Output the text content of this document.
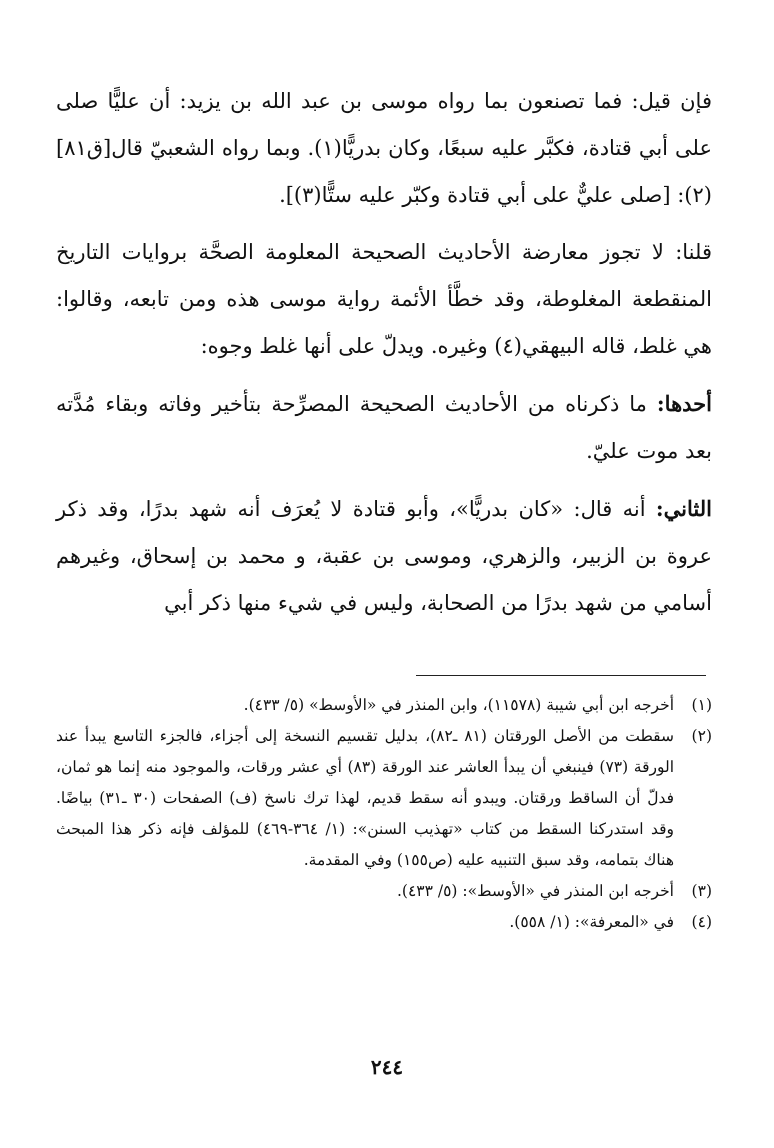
فإن قيل: فما تصنعون بما رواه موسى بن عبد الله بن يزيد: أن عليًّا صلى على أبي قتادة، فكبَّر عليه سبعًا، وكان بدريًّا(١). وبما رواه الشعبيّ قال[ق٨١](٢): [صلى عليٌّ على أبي قتادة وكبّر عليه ستًّا(٣)].

قلنا: لا تجوز معارضة الأحاديث الصحيحة المعلومة الصحَّة بروايات التاريخ المنقطعة المغلوطة، وقد خطَّأ الأئمة رواية موسى هذه ومن تابعه، وقالوا: هي غلط، قاله البيهقي(٤) وغيره. ويدلّ على أنها غلط وجوه:

أحدها: ما ذكرناه من الأحاديث الصحيحة المصرِّحة بتأخير وفاته وبقاء مُدَّته بعد موت عليّ.

الثاني: أنه قال: «كان بدريًّا»، وأبو قتادة لا يُعرَف أنه شهد بدرًا، وقد ذكر عروة بن الزبير، والزهري، وموسى بن عقبة، و محمد بن إسحاق، وغيرهم أسامي من شهد بدرًا من الصحابة، وليس في شيء منها ذكر أبي

(١)
أخرجه ابن أبي شيبة (١١٥٧٨)، وابن المنذر في «الأوسط» (٥/ ٤٣٣).
(٢)
سقطت من الأصل الورقتان (٨١ ـ٨٢)، بدليل تقسيم النسخة إلى أجزاء، فالجزء التاسع يبدأ عند الورقة (٧٣) فينبغي أن يبدأ العاشر عند الورقة (٨٣) أي عشر ورقات، والموجود منه إنما هو ثمان، فدلّ أن الساقط ورقتان. ويبدو أنه سقط قديم، لهذا ترك ناسخ (ف) الصفحات (٣٠ ـ٣١) بياضًا. وقد استدركنا السقط من كتاب «تهذيب السنن»: (١/ ٣٦٤-٤٦٩) للمؤلف فإنه ذكر هذا المبحث هناك بتمامه، وقد سبق التنبيه عليه (ص١٥٥) وفي المقدمة.
(٣)
أخرجه ابن المنذر في «الأوسط»: (٥/ ٤٣٣).
(٤)
في «المعرفة»: (١/ ٥٥٨).
٢٤٤
